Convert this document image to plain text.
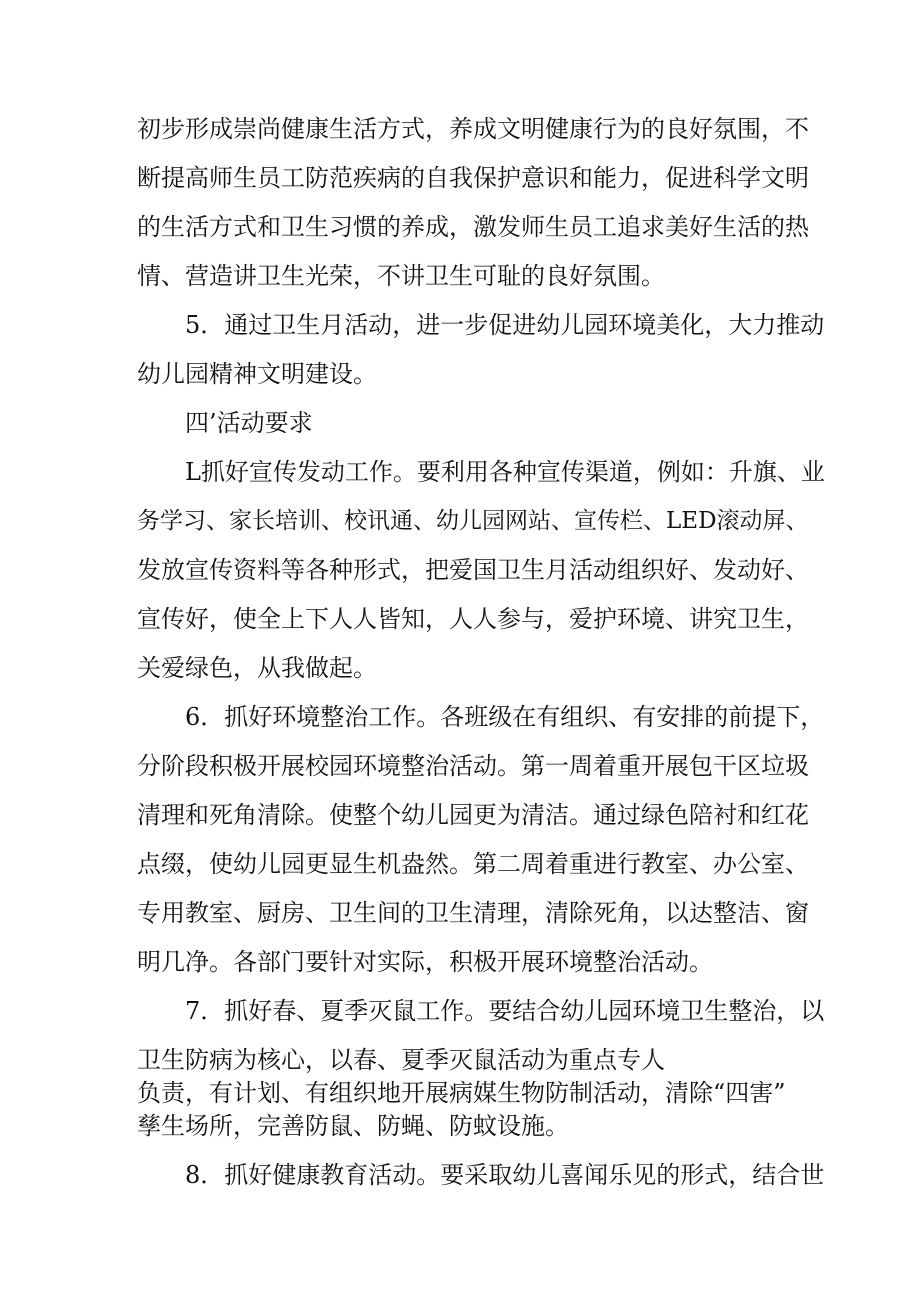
初步形成崇尚健康生活方式，养成文明健康行为的良好氛围，不

断提高师生员工防范疾病的自我保护意识和能力，促进科学文明

的生活方式和卫生习惯的养成，激发师生员工追求美好生活的热

情、营造讲卫生光荣，不讲卫生可耻的良好氛围。

5．通过卫生月活动，进一步促进幼儿园环境美化，大力推动

幼儿园精神文明建设。

四’活动要求

L抓好宣传发动工作。要利用各种宣传渠道，例如：升旗、业

务学习、家长培训、校讯通、幼儿园网站、宣传栏、LED滚动屏、

发放宣传资料等各种形式，把爱国卫生月活动组织好、发动好、

宣传好，使全上下人人皆知，人人参与，爱护环境、讲究卫生，

关爱绿色，从我做起。

6．抓好环境整治工作。各班级在有组织、有安排的前提下，

分阶段积极开展校园环境整治活动。第一周着重开展包干区垃圾

清理和死角清除。使整个幼儿园更为清洁。通过绿色陪衬和红花

点缀，使幼儿园更显生机盎然。第二周着重进行教室、办公室、

专用教室、厨房、卫生间的卫生清理，清除死角，以达整洁、窗

明几净。各部门要针对实际，积极开展环境整治活动。

7．抓好春、夏季灭鼠工作。要结合幼儿园环境卫生整治，以

卫生防病为核心，以春、夏季灭鼠活动为重点专人

负责，有计划、有组织地开展病媒生物防制活动，清除“四害”

孳生场所，完善防鼠、防蝇、防蚊设施。

8．抓好健康教育活动。要采取幼儿喜闻乐见的形式，结合世
